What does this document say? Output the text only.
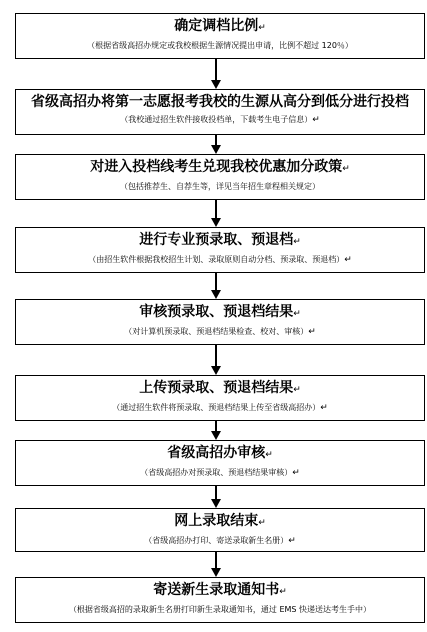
确定调档比例↵
（根据省级高招办规定或我校根据生源情况提出申请，比例不超过 120％）
省级高招办将第一志愿报考我校的生源从高分到低分进行投档
（我校通过招生软件接收投档单，下载考生电子信息）↵
对进入投档线考生兑现我校优惠加分政策↵
（包括推荐生、自荐生等，详见当年招生章程相关规定）
进行专业预录取、预退档↵
（由招生软件根据我校招生计划、录取原则自动分档、预录取、预退档）↵
审核预录取、预退档结果↵
（对计算机预录取、预退档结果检查、校对、审核）↵
上传预录取、预退档结果↵
（通过招生软件将预录取、预退档结果上传至省级高招办）↵
省级高招办审核↵
（省级高招办对预录取、预退档结果审核）↵
网上录取结束↵
（省级高招办打印、寄送录取新生名册）↵
寄送新生录取通知书↵
（根据省级高招的录取新生名册打印新生录取通知书，通过 EMS 快递送达考生手中）
